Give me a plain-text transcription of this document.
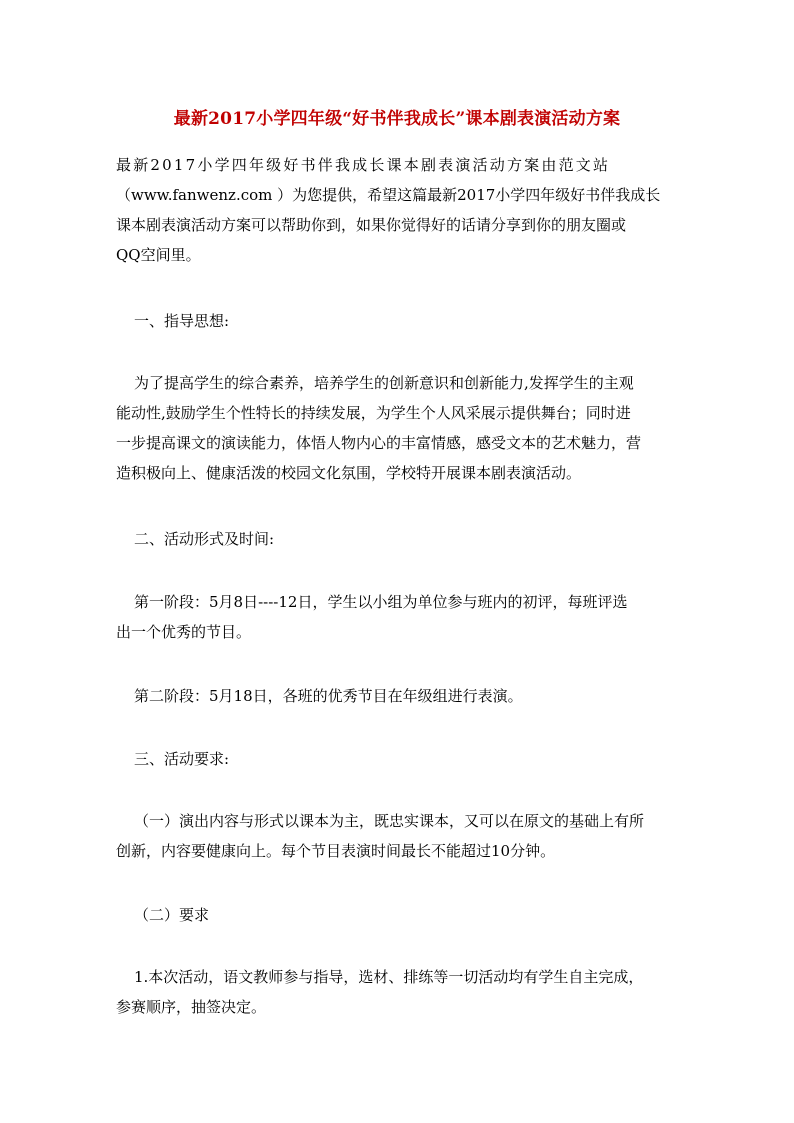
最新2017小学四年级“好书伴我成长”课本剧表演活动方案
最新2017小学四年级好书伴我成长课本剧表演活动方案由范文站
（www.fanwenz.com ）为您提供，希望这篇最新2017小学四年级好书伴我成长
课本剧表演活动方案可以帮助你到，如果你觉得好的话请分享到你的朋友圈或
QQ空间里。
一、指导思想:
为了提高学生的综合素养，培养学生的创新意识和创新能力,发挥学生的主观
能动性,鼓励学生个性特长的持续发展，为学生个人风采展示提供舞台；同时进
一步提高课文的演读能力，体悟人物内心的丰富情感，感受文本的艺术魅力，营
造积极向上、健康活泼的校园文化氛围，学校特开展课本剧表演活动。
二、活动形式及时间:
第一阶段：5月8日----12日，学生以小组为单位参与班内的初评，每班评选
出一个优秀的节目。
第二阶段：5月18日，各班的优秀节目在年级组进行表演。
三、活动要求:
（一）演出内容与形式以课本为主，既忠实课本，又可以在原文的基础上有所
创新，内容要健康向上。每个节目表演时间最长不能超过10分钟。
（二）要求
1.本次活动，语文教师参与指导，选材、排练等一切活动均有学生自主完成，
参赛顺序，抽签决定。
